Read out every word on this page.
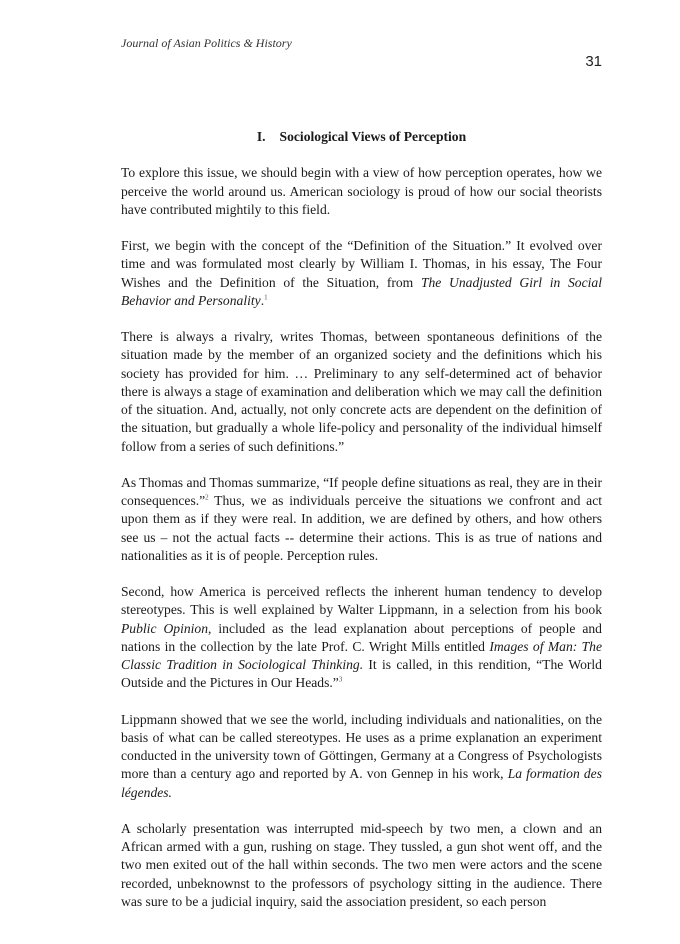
Journal of Asian Politics & History
31
I. Sociological Views of Perception

To explore this issue, we should begin with a view of how perception operates, how we perceive the world around us. American sociology is proud of how our social theorists have contributed mightily to this field.

First, we begin with the concept of the “Definition of the Situation.” It evolved over time and was formulated most clearly by William I. Thomas, in his essay, The Four Wishes and the Definition of the Situation, from The Unadjusted Girl in Social Behavior and Personality.$^1$

There is always a rivalry, writes Thomas, between spontaneous definitions of the situation made by the member of an organized society and the definitions which his society has provided for him. … Preliminary to any self-determined act of behavior there is always a stage of examination and deliberation which we may call the definition of the situation. And, actually, not only concrete acts are dependent on the definition of the situation, but gradually a whole life-policy and personality of the individual himself follow from a series of such definitions.”

As Thomas and Thomas summarize, “If people define situations as real, they are in their consequences.”$^2$ Thus, we as individuals perceive the situations we confront and act upon them as if they were real. In addition, we are defined by others, and how others see us – not the actual facts -- determine their actions. This is as true of nations and nationalities as it is of people. Perception rules.

Second, how America is perceived reflects the inherent human tendency to develop stereotypes. This is well explained by Walter Lippmann, in a selection from his book Public Opinion, included as the lead explanation about perceptions of people and nations in the collection by the late Prof. C. Wright Mills entitled Images of Man: The Classic Tradition in Sociological Thinking. It is called, in this rendition, “The World Outside and the Pictures in Our Heads.”$^3$

Lippmann showed that we see the world, including individuals and nationalities, on the basis of what can be called stereotypes. He uses as a prime explanation an experiment conducted in the university town of Göttingen, Germany at a Congress of Psychologists more than a century ago and reported by A. von Gennep in his work, La formation des légendes.

A scholarly presentation was interrupted mid-speech by two men, a clown and an African armed with a gun, rushing on stage. They tussled, a gun shot went off, and the two men exited out of the hall within seconds. The two men were actors and the scene recorded, unbeknownst to the professors of psychology sitting in the audience. There was sure to be a judicial inquiry, said the association president, so each person
